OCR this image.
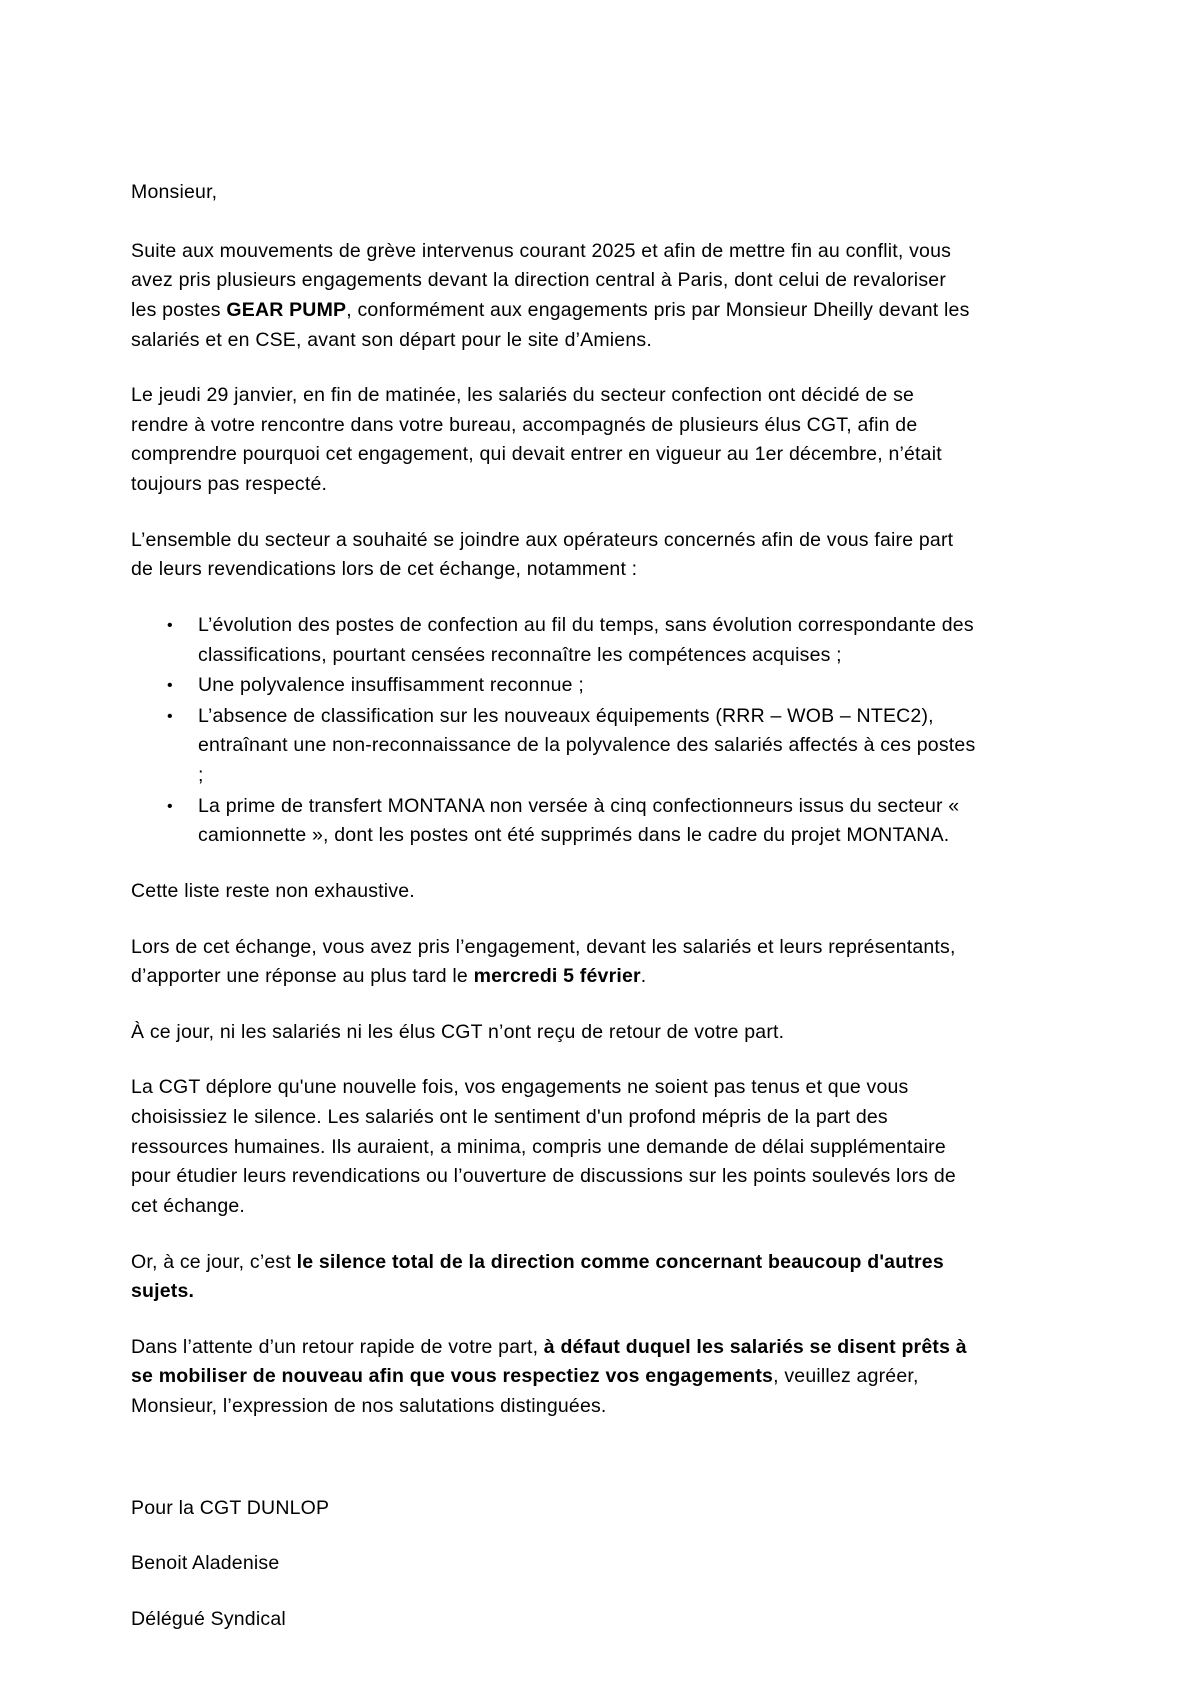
Monsieur,

Suite aux mouvements de grève intervenus courant 2025 et afin de mettre fin au conflit, vous avez pris plusieurs engagements devant la direction central à Paris, dont celui de revaloriser les postes GEAR PUMP, conformément aux engagements pris par Monsieur Dheilly devant les salariés et en CSE, avant son départ pour le site d’Amiens.

Le jeudi 29 janvier, en fin de matinée, les salariés du secteur confection ont décidé de se rendre à votre rencontre dans votre bureau, accompagnés de plusieurs élus CGT, afin de comprendre pourquoi cet engagement, qui devait entrer en vigueur au 1er décembre, n’était toujours pas respecté.

L’ensemble du secteur a souhaité se joindre aux opérateurs concernés afin de vous faire part de leurs revendications lors de cet échange, notamment :

• L’évolution des postes de confection au fil du temps, sans évolution correspondante des classifications, pourtant censées reconnaître les compétences acquises ;
• Une polyvalence insuffisamment reconnue ;
• L’absence de classification sur les nouveaux équipements (RRR – WOB – NTEC2), entraînant une non-reconnaissance de la polyvalence des salariés affectés à ces postes ;
• La prime de transfert MONTANA non versée à cinq confectionneurs issus du secteur « camionnette », dont les postes ont été supprimés dans le cadre du projet MONTANA.

Cette liste reste non exhaustive.

Lors de cet échange, vous avez pris l’engagement, devant les salariés et leurs représentants, d’apporter une réponse au plus tard le mercredi 5 février.

À ce jour, ni les salariés ni les élus CGT n’ont reçu de retour de votre part.

La CGT déplore qu'une nouvelle fois, vos engagements ne soient pas tenus et que vous choisissiez le silence. Les salariés ont le sentiment d'un profond mépris de la part des ressources humaines. Ils auraient, a minima, compris une demande de délai supplémentaire pour étudier leurs revendications ou l’ouverture de discussions sur les points soulevés lors de cet échange.

Or, à ce jour, c’est le silence total de la direction comme concernant beaucoup d'autres sujets.

Dans l’attente d’un retour rapide de votre part, à défaut duquel les salariés se disent prêts à se mobiliser de nouveau afin que vous respectiez vos engagements, veuillez agréer, Monsieur, l’expression de nos salutations distinguées.

Pour la CGT DUNLOP

Benoit Aladenise

Délégué Syndical
